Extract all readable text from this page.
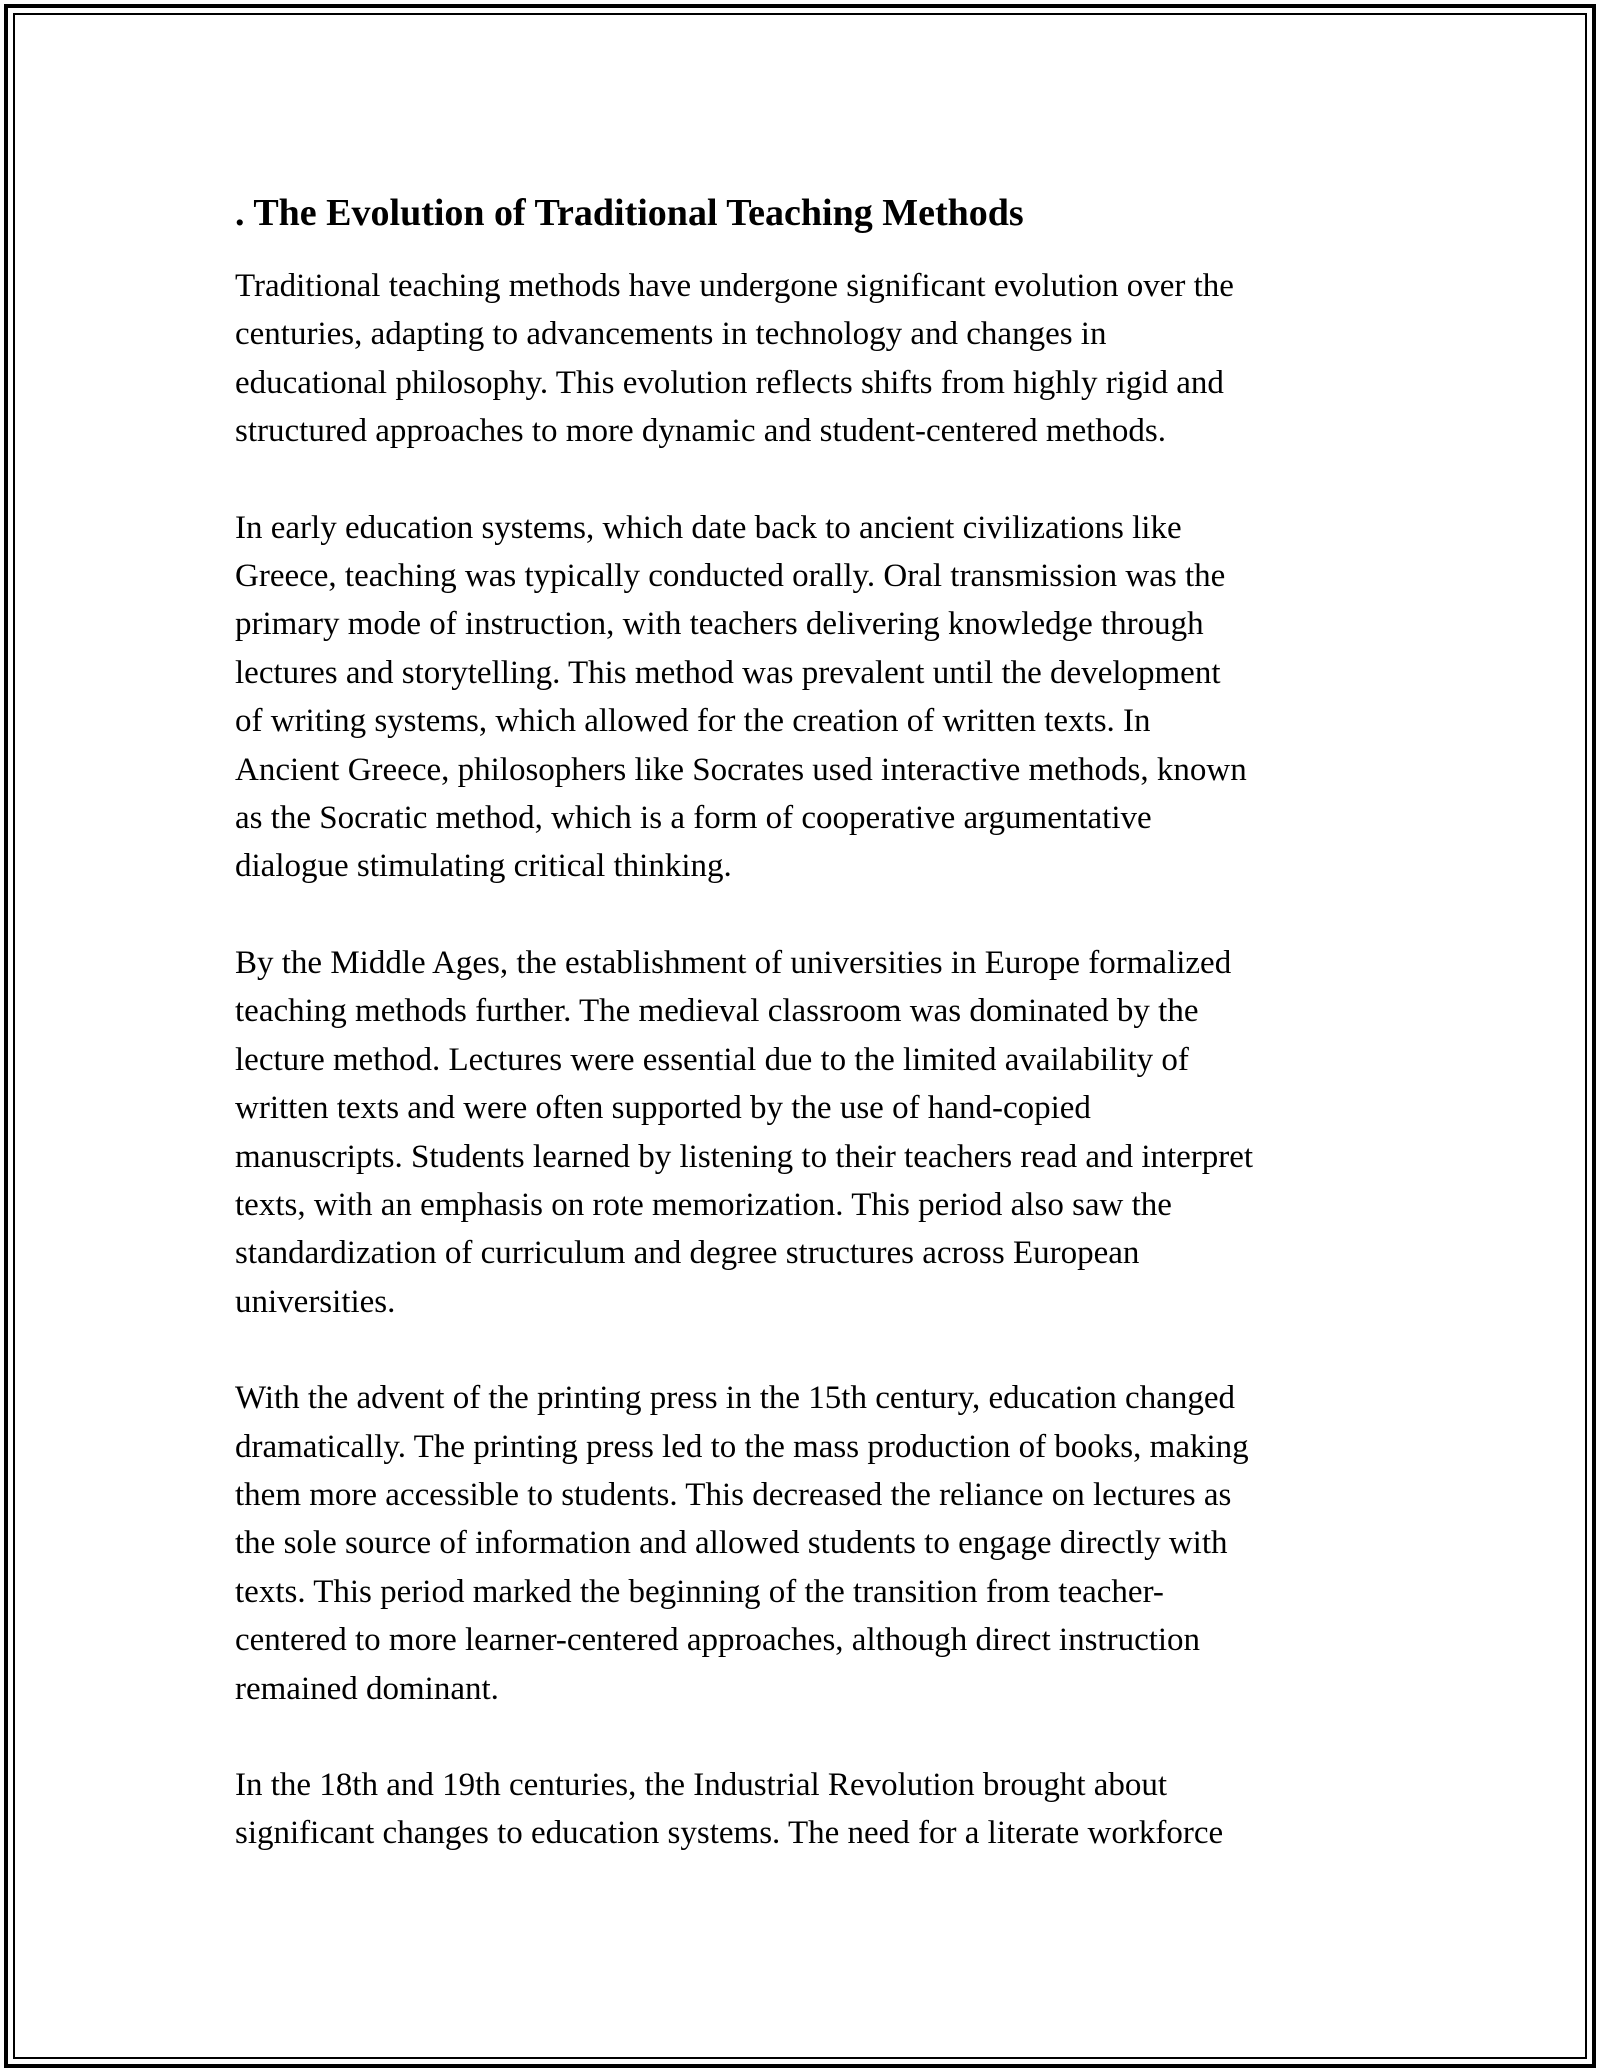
. The Evolution of Traditional Teaching Methods

Traditional teaching methods have undergone significant evolution over the
centuries, adapting to advancements in technology and changes in
educational philosophy. This evolution reflects shifts from highly rigid and
structured approaches to more dynamic and student-centered methods.

In early education systems, which date back to ancient civilizations like
Greece, teaching was typically conducted orally. Oral transmission was the
primary mode of instruction, with teachers delivering knowledge through
lectures and storytelling. This method was prevalent until the development
of writing systems, which allowed for the creation of written texts. In
Ancient Greece, philosophers like Socrates used interactive methods, known
as the Socratic method, which is a form of cooperative argumentative
dialogue stimulating critical thinking.

By the Middle Ages, the establishment of universities in Europe formalized
teaching methods further. The medieval classroom was dominated by the
lecture method. Lectures were essential due to the limited availability of
written texts and were often supported by the use of hand-copied
manuscripts. Students learned by listening to their teachers read and interpret
texts, with an emphasis on rote memorization. This period also saw the
standardization of curriculum and degree structures across European
universities.

With the advent of the printing press in the 15th century, education changed
dramatically. The printing press led to the mass production of books, making
them more accessible to students. This decreased the reliance on lectures as
the sole source of information and allowed students to engage directly with
texts. This period marked the beginning of the transition from teacher-
centered to more learner-centered approaches, although direct instruction
remained dominant.

In the 18th and 19th centuries, the Industrial Revolution brought about
significant changes to education systems. The need for a literate workforce
